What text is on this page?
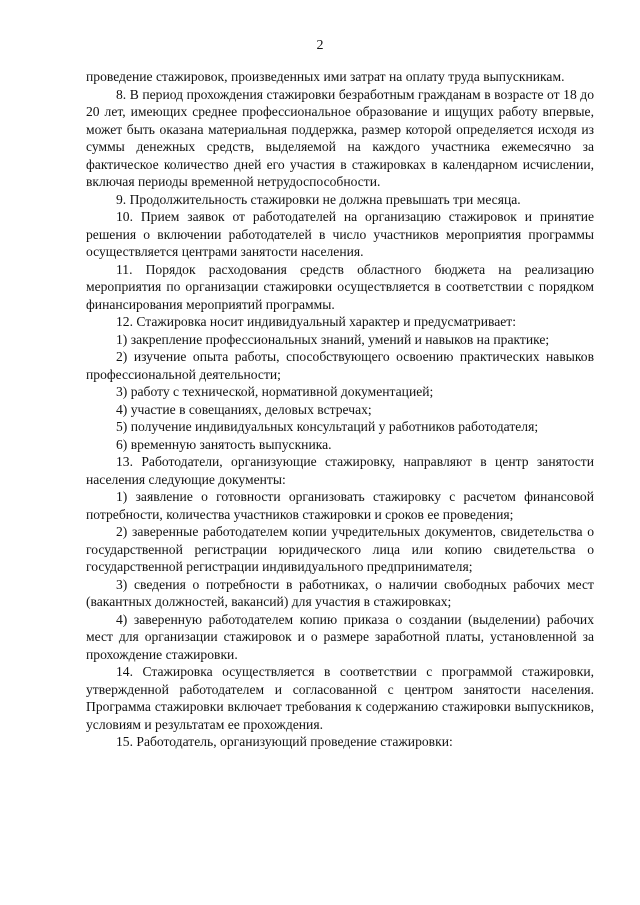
2

проведение стажировок, произведенных ими затрат на оплату труда выпускникам.

8. В период прохождения стажировки безработным гражданам в возрасте от 18 до 20 лет, имеющих среднее профессиональное образование и ищущих работу впервые, может быть оказана материальная поддержка, размер которой определяется исходя из суммы денежных средств, выделяемой на каждого участника ежемесячно за фактическое количество дней его участия в стажировках в календарном исчислении, включая периоды временной нетрудоспособности.

9. Продолжительность стажировки не должна превышать три месяца.

10. Прием заявок от работодателей на организацию стажировок и принятие решения о включении работодателей в число участников мероприятия программы осуществляется центрами занятости населения.

11. Порядок расходования средств областного бюджета на реализацию мероприятия по организации стажировки осуществляется в соответствии с порядком финансирования мероприятий программы.

12. Стажировка носит индивидуальный характер и предусматривает:

1) закрепление профессиональных знаний, умений и навыков на практике;

2) изучение опыта работы, способствующего освоению практических навыков профессиональной деятельности;

3) работу с технической, нормативной документацией;

4) участие в совещаниях, деловых встречах;

5) получение индивидуальных консультаций у работников работодателя;

6) временную занятость выпускника.

13. Работодатели, организующие стажировку, направляют в центр занятости населения следующие документы:

1) заявление о готовности организовать стажировку с расчетом финансовой потребности, количества участников стажировки и сроков ее проведения;

2) заверенные работодателем копии учредительных документов, свидетельства о государственной регистрации юридического лица или копию свидетельства о государственной регистрации индивидуального предпринимателя;

3) сведения о потребности в работниках, о наличии свободных рабочих мест (вакантных должностей, вакансий) для участия в стажировках;

4) заверенную работодателем копию приказа о создании (выделении) рабочих мест для организации стажировок и о размере заработной платы, установленной за прохождение стажировки.

14. Стажировка осуществляется в соответствии с программой стажировки, утвержденной работодателем и согласованной с центром занятости населения. Программа стажировки включает требования к содержанию стажировки выпускников, условиям и результатам ее прохождения.

15. Работодатель, организующий проведение стажировки:
